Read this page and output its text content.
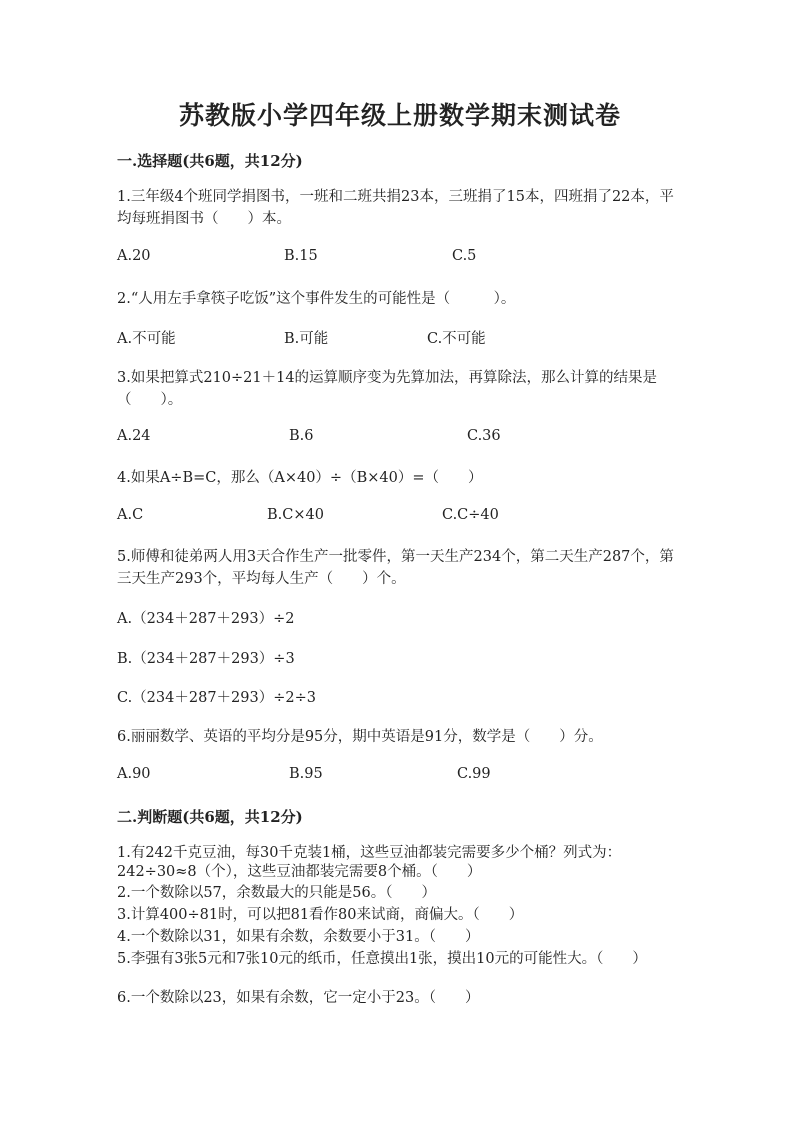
苏教版小学四年级上册数学期末测试卷
一.选择题(共6题，共12分)
1.三年级4个班同学捐图书，一班和二班共捐23本，三班捐了15本，四班捐了22本，平均每班捐图书（　　）本。
A.20	B.15	C.5
2.“人用左手拿筷子吃饭”这个事件发生的可能性是（　　　）。
A.不可能	B.可能	C.不可能
3.如果把算式210÷21＋14的运算顺序变为先算加法，再算除法，那么计算的结果是（　　）。
A.24	B.6	C.36
4.如果A÷B=C，那么（A×40）÷（B×40）=（　　）
A.C	B.C×40	C.C÷40
5.师傅和徒弟两人用3天合作生产一批零件，第一天生产234个，第二天生产287个，第三天生产293个，平均每人生产（　　）个。
A.（234＋287＋293）÷2
B.（234＋287＋293）÷3
C.（234＋287＋293）÷2÷3
6.丽丽数学、英语的平均分是95分，期中英语是91分，数学是（　　）分。
A.90	B.95	C.99
二.判断题(共6题，共12分)
1.有242千克豆油，每30千克装1桶，这些豆油都装完需要多少个桶？列式为：242÷30≈8（个），这些豆油都装完需要8个桶。（　　）
2.一个数除以57，余数最大的只能是56。（　　）
3.计算400÷81时，可以把81看作80来试商，商偏大。（　　）
4.一个数除以31，如果有余数，余数要小于31。（　　）
5.李强有3张5元和7张10元的纸币，任意摸出1张，摸出10元的可能性大。（　　）
6.一个数除以23，如果有余数，它一定小于23。（　　）
